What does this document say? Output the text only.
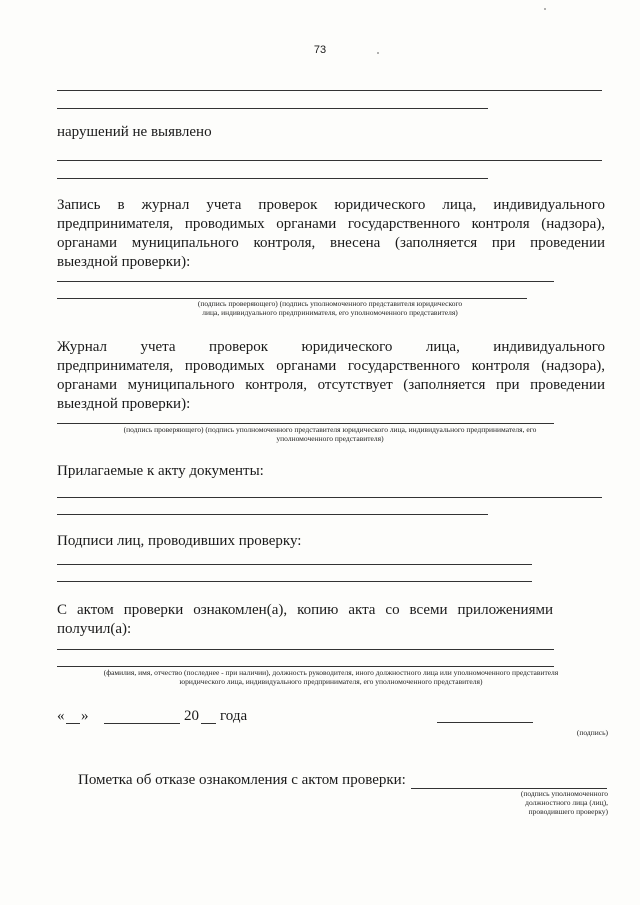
73
нарушений не выявлено
Запись в журнал учета проверок юридического лица, индивидуального
предпринимателя, проводимых органами государственного контроля (надзора),
органами муниципального контроля, внесена (заполняется при проведении
выездной проверки):
(подпись проверяющего) (подпись уполномоченного представителя юридического
лица, индивидуального предпринимателя, его уполномоченного представителя)
Журнал учета проверок юридического лица, индивидуального
предпринимателя, проводимых органами государственного контроля (надзора),
органами муниципального контроля, отсутствует (заполняется при проведении
выездной проверки):
(подпись проверяющего) (подпись уполномоченного представителя юридического лица, индивидуального предпринимателя, его
уполномоченного представителя)
Прилагаемые к акту документы:
Подписи лиц, проводивших проверку:
С актом проверки ознакомлен(а), копию акта со всеми приложениями
получил(а):
(фамилия, имя, отчество (последнее - при наличии), должность руководителя, иного должностного лица или уполномоченного представителя
юридического лица, индивидуального предпринимателя, его уполномоченного представителя)
« »	20 года
(подпись)
Пометка об отказе ознакомления с актом проверки:
(подпись уполномоченного
должностного лица (лиц),
проводившего проверку)
